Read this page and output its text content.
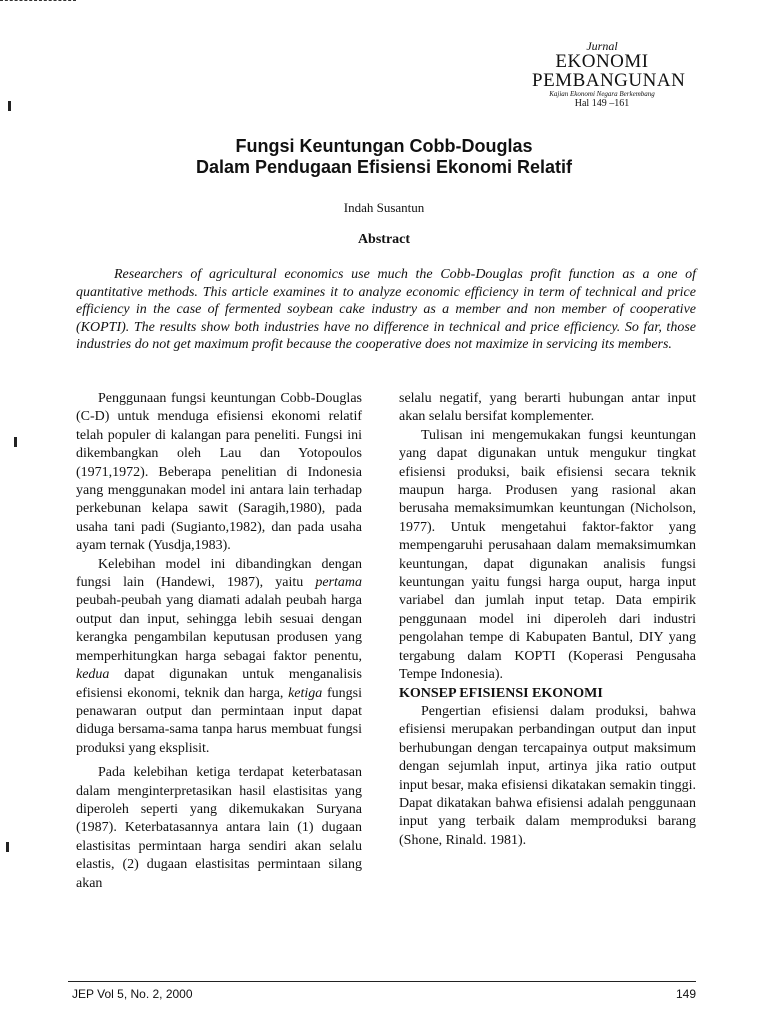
Jurnal
EKONOMI
PEMBANGUNAN
Kajian Ekonomi Negara Berkembang
Hal 149 –161
Fungsi Keuntungan Cobb-Douglas
Dalam Pendugaan Efisiensi Ekonomi Relatif
Indah Susantun
Abstract

Researchers of agricultural economics use much the Cobb-Douglas profit function as a one of quantitative methods. This article examines it to analyze economic efficiency in term of technical and price efficiency in the case of fermented soybean cake industry as a member and non member of cooperative (KOPTI). The results show both industries have no difference in technical and price efficiency. So far, those industries do not get maximum profit because the cooperative does not maximize in servicing its members.

Penggunaan fungsi keuntungan Cobb-Douglas (C-D) untuk menduga efisiensi ekonomi relatif telah populer di kalangan para peneliti. Fungsi ini dikembangkan oleh Lau dan Yotopoulos (1971,1972). Beberapa penelitian di Indonesia yang menggunakan model ini antara lain terhadap perkebunan kelapa sawit (Saragih,1980), pada usaha tani padi (Sugianto,1982), dan pada usaha ayam ternak (Yusdja,1983).

Kelebihan model ini dibandingkan dengan fungsi lain (Handewi, 1987), yaitu pertama peubah-peubah yang diamati adalah peubah harga output dan input, sehingga lebih sesuai dengan kerangka pengambilan keputusan produsen yang memperhitungkan harga sebagai faktor penentu, kedua dapat digunakan untuk menganalisis efisiensi ekonomi, teknik dan harga, ketiga fungsi penawaran output dan permintaan input dapat diduga bersama-sama tanpa harus membuat fungsi produksi yang eksplisit.

Pada kelebihan ketiga terdapat keterbatasan dalam menginterpretasikan hasil elastisitas yang diperoleh seperti yang dikemukakan Suryana (1987). Keterbatasannya antara lain (1) dugaan elastisitas permintaan harga sendiri akan selalu elastis, (2) dugaan elastisitas permintaan silang akan

selalu negatif, yang berarti hubungan antar input akan selalu bersifat komplementer.

Tulisan ini mengemukakan fungsi keuntungan yang dapat digunakan untuk mengukur tingkat efisiensi produksi, baik efisiensi secara teknik maupun harga. Produsen yang rasional akan berusaha memaksimumkan keuntungan (Nicholson, 1977). Untuk mengetahui faktor-faktor yang mempengaruhi perusahaan dalam memaksimumkan keuntungan, dapat digunakan analisis fungsi keuntungan yaitu fungsi harga ouput, harga input variabel dan jumlah input tetap. Data empirik penggunaan model ini diperoleh dari industri pengolahan tempe di Kabupaten Bantul, DIY yang tergabung dalam KOPTI (Koperasi Pengusaha Tempe Indonesia).

KONSEP EFISIENSI EKONOMI

Pengertian efisiensi dalam produksi, bahwa efisiensi merupakan perbandingan output dan input berhubungan dengan tercapainya output maksimum dengan sejumlah input, artinya jika ratio output input besar, maka efisiensi dikatakan semakin tinggi. Dapat dikatakan bahwa efisiensi adalah penggunaan input yang terbaik dalam memproduksi barang (Shone, Rinald. 1981).

JEP Vol 5, No. 2, 2000	149
